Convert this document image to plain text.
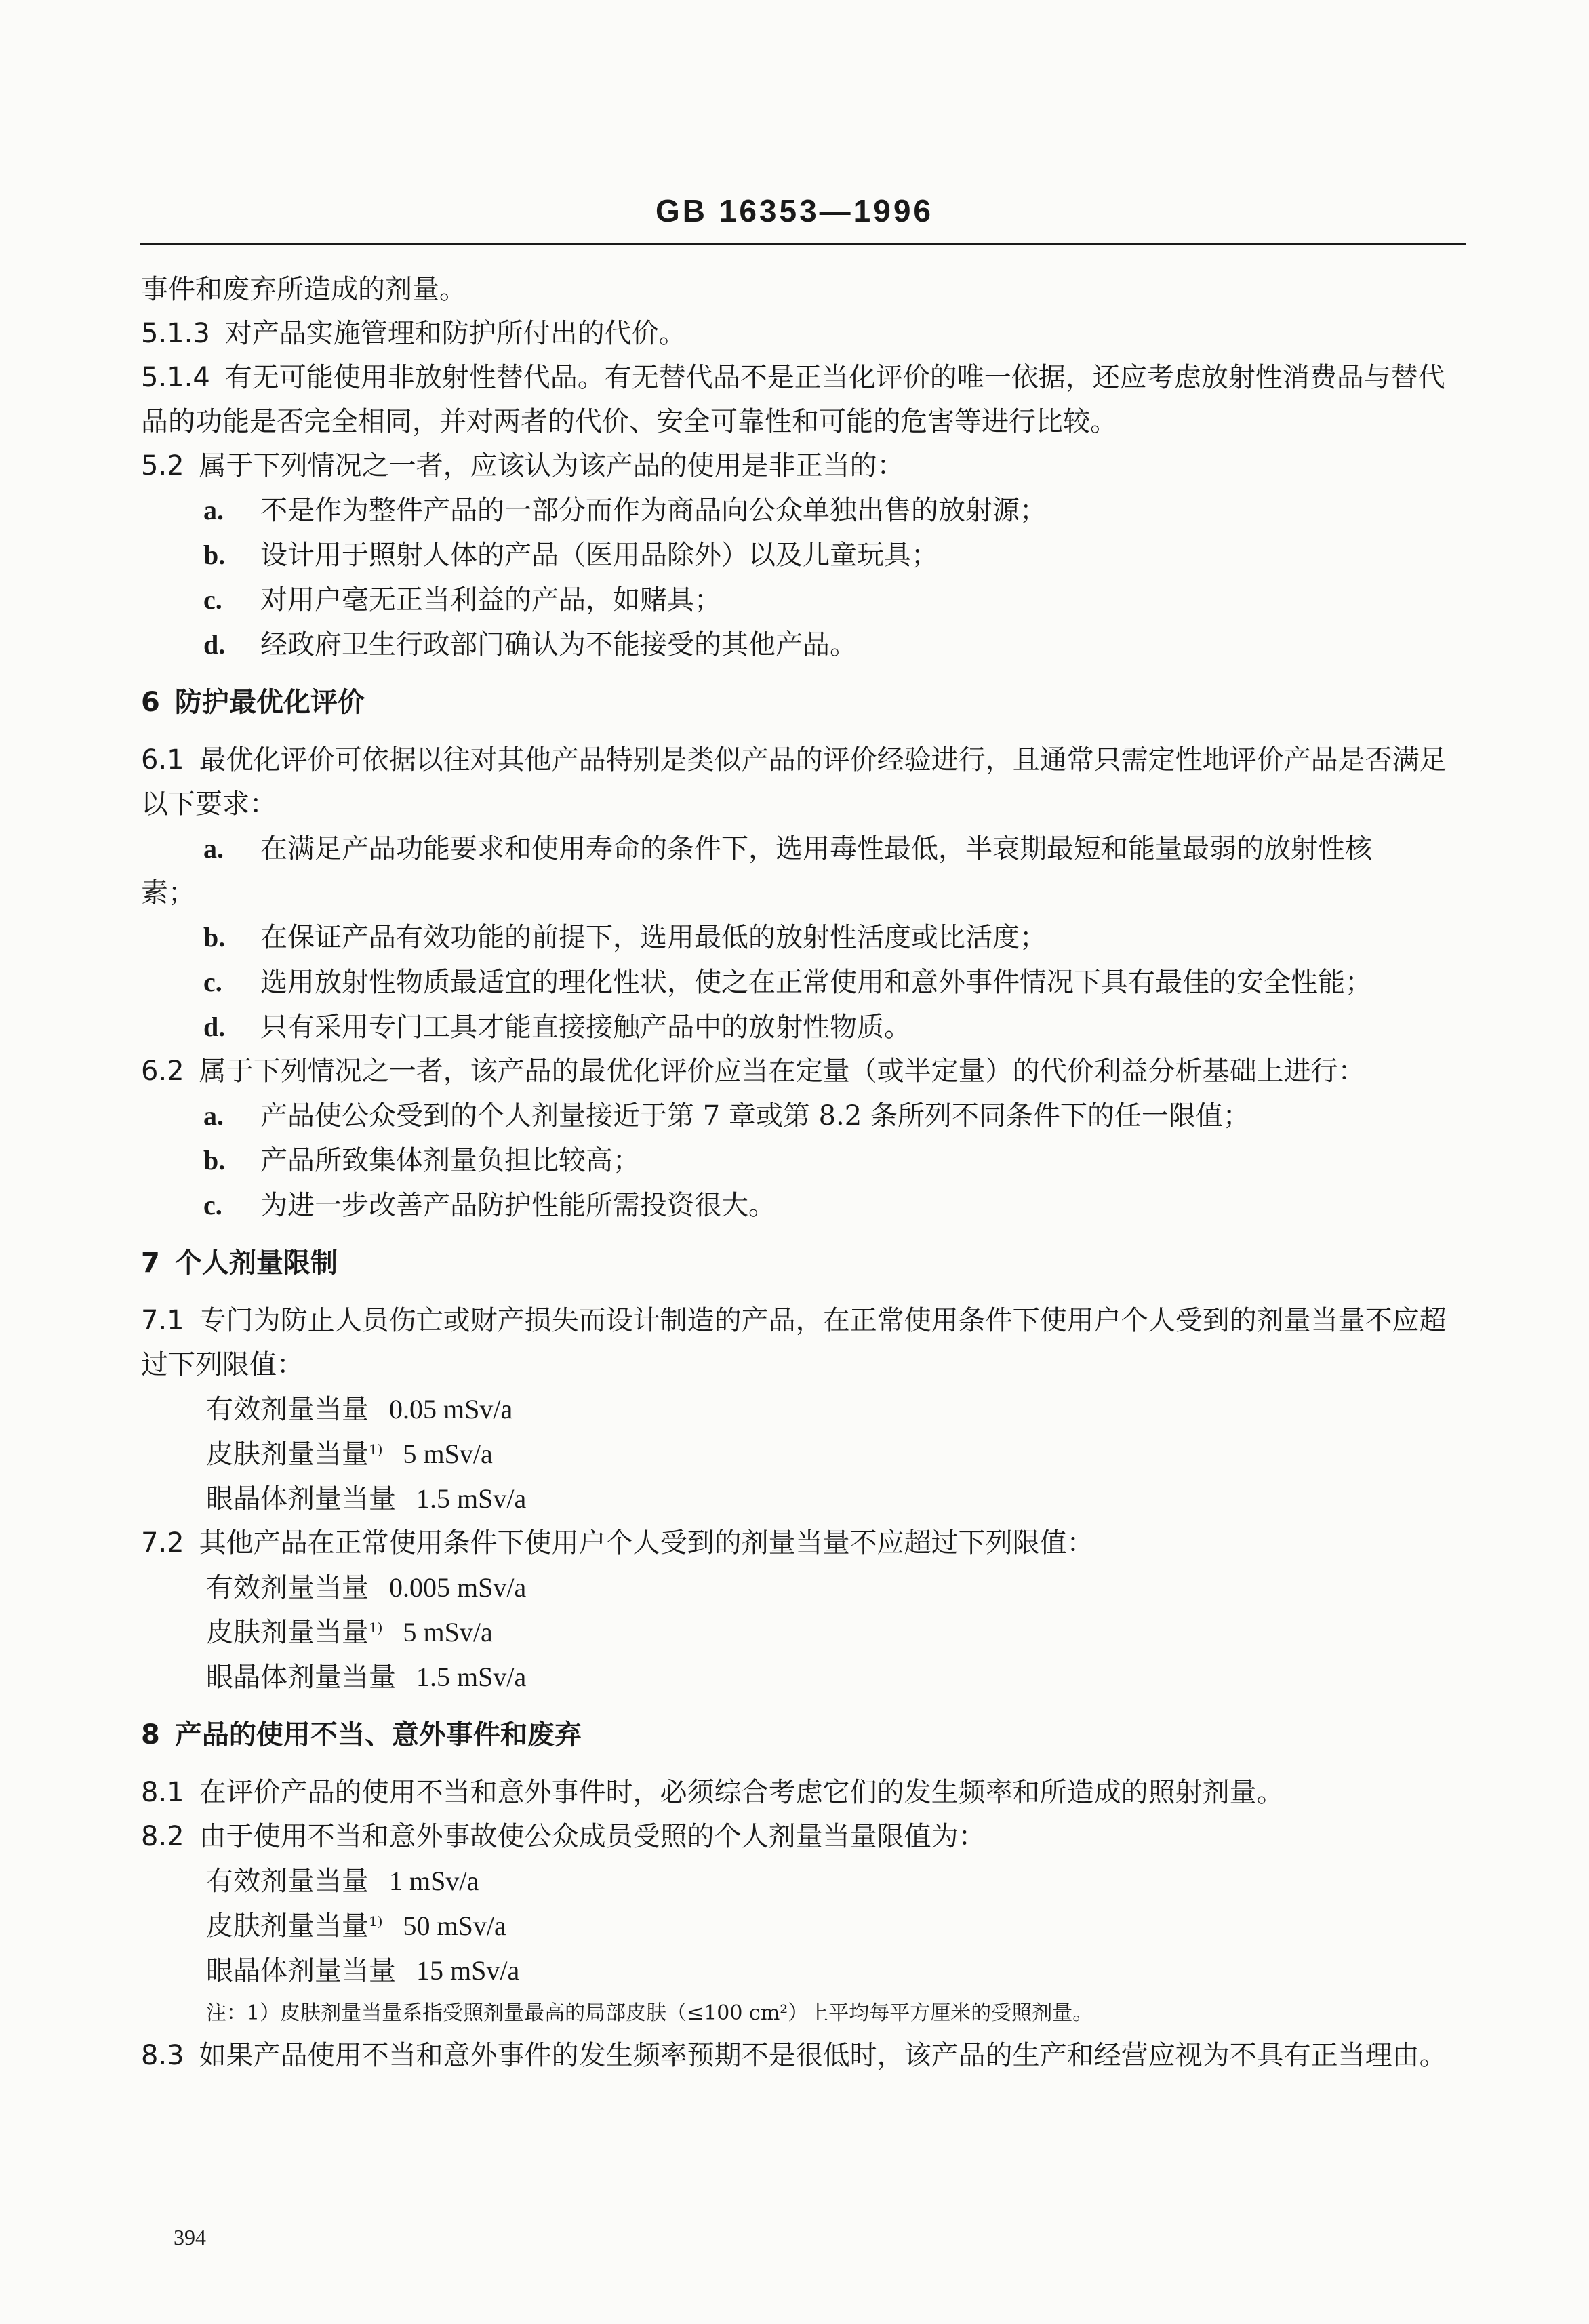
GB 16353—1996

事件和废弃所造成的剂量。

5.1.3 对产品实施管理和防护所付出的代价。

5.1.4 有无可能使用非放射性替代品。有无替代品不是正当化评价的唯一依据，还应考虑放射性消费品与替代品的功能是否完全相同，并对两者的代价、安全可靠性和可能的危害等进行比较。

5.2 属于下列情况之一者，应该认为该产品的使用是非正当的：

a. 不是作为整件产品的一部分而作为商品向公众单独出售的放射源；

b. 设计用于照射人体的产品（医用品除外）以及儿童玩具；

c. 对用户毫无正当利益的产品，如赌具；

d. 经政府卫生行政部门确认为不能接受的其他产品。

6 防护最优化评价

6.1 最优化评价可依据以往对其他产品特别是类似产品的评价经验进行，且通常只需定性地评价产品是否满足以下要求：

a. 在满足产品功能要求和使用寿命的条件下，选用毒性最低，半衰期最短和能量最弱的放射性核

素；

b. 在保证产品有效功能的前提下，选用最低的放射性活度或比活度；

c. 选用放射性物质最适宜的理化性状，使之在正常使用和意外事件情况下具有最佳的安全性能；

d. 只有采用专门工具才能直接接触产品中的放射性物质。

6.2 属于下列情况之一者，该产品的最优化评价应当在定量（或半定量）的代价利益分析基础上进行：

a. 产品使公众受到的个人剂量接近于第 7 章或第 8.2 条所列不同条件下的任一限值；

b. 产品所致集体剂量负担比较高；

c. 为进一步改善产品防护性能所需投资很大。

7 个人剂量限制

7.1 专门为防止人员伤亡或财产损失而设计制造的产品，在正常使用条件下使用户个人受到的剂量当量不应超过下列限值：

有效剂量当量 0.05 mSv/a

皮肤剂量当量$^{1)}$ 5 mSv/a

眼晶体剂量当量 1.5 mSv/a

7.2 其他产品在正常使用条件下使用户个人受到的剂量当量不应超过下列限值：

有效剂量当量 0.005 mSv/a

皮肤剂量当量$^{1)}$ 5 mSv/a

眼晶体剂量当量 1.5 mSv/a

8 产品的使用不当、意外事件和废弃

8.1 在评价产品的使用不当和意外事件时，必须综合考虑它们的发生频率和所造成的照射剂量。

8.2 由于使用不当和意外事故使公众成员受照的个人剂量当量限值为：

有效剂量当量 1 mSv/a

皮肤剂量当量$^{1)}$ 50 mSv/a

眼晶体剂量当量 15 mSv/a

注：1）皮肤剂量当量系指受照剂量最高的局部皮肤（≤100 cm²）上平均每平方厘米的受照剂量。

8.3 如果产品使用不当和意外事件的发生频率预期不是很低时，该产品的生产和经营应视为不具有正当理由。

394
